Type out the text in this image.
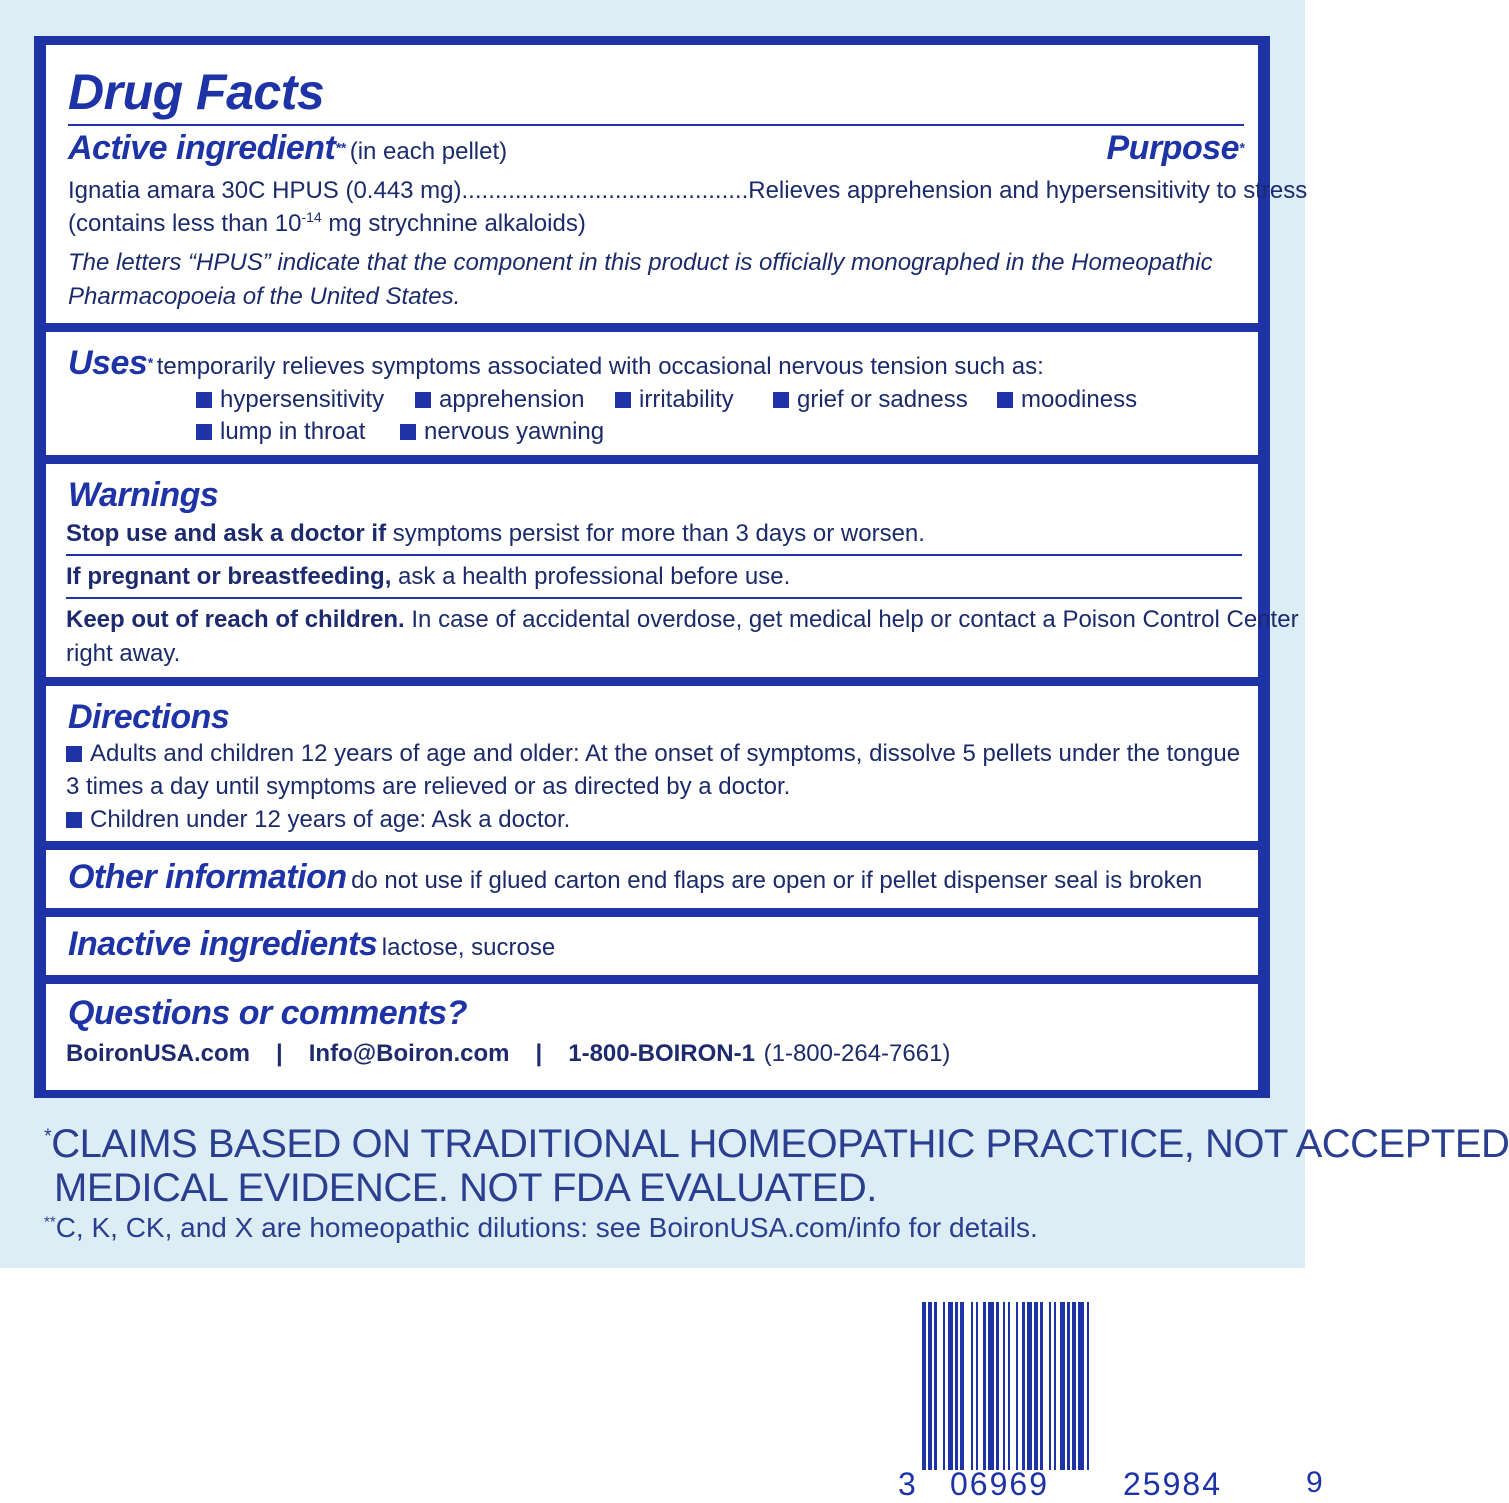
Drug Facts
Active ingredient** (in each pellet)	Purpose*
Ignatia amara 30C HPUS (0.443 mg)...........................................Relieves apprehension and hypersensitivity to stress
(contains less than $10^{-14}$ mg strychnine alkaloids)
The letters “HPUS” indicate that the component in this product is officially monographed in the Homeopathic
Pharmacopoeia of the United States.
Uses* temporarily relieves symptoms associated with occasional nervous tension such as:
hypersensitivity	apprehension	irritability	grief or sadness	moodiness
lump in throat	nervous yawning
Warnings
Stop use and ask a doctor if symptoms persist for more than 3 days or worsen.
If pregnant or breastfeeding, ask a health professional before use.
Keep out of reach of children. In case of accidental overdose, get medical help or contact a Poison Control Center
right away.
Directions
Adults and children 12 years of age and older: At the onset of symptoms, dissolve 5 pellets under the tongue
3 times a day until symptoms are relieved or as directed by a doctor.
Children under 12 years of age: Ask a doctor.
Other information do not use if glued carton end flaps are open or if pellet dispenser seal is broken
Inactive ingredients lactose, sucrose
Questions or comments?
BoironUSA.com | Info@Boiron.com | 1-800-BOIRON-1 (1-800-264-7661)
*CLAIMS BASED ON TRADITIONAL HOMEOPATHIC PRACTICE, NOT ACCEPTED
MEDICAL EVIDENCE. NOT FDA EVALUATED.
**C, K, CK, and X are homeopathic dilutions: see BoironUSA.com/info for details.
3 06969 25984	9
